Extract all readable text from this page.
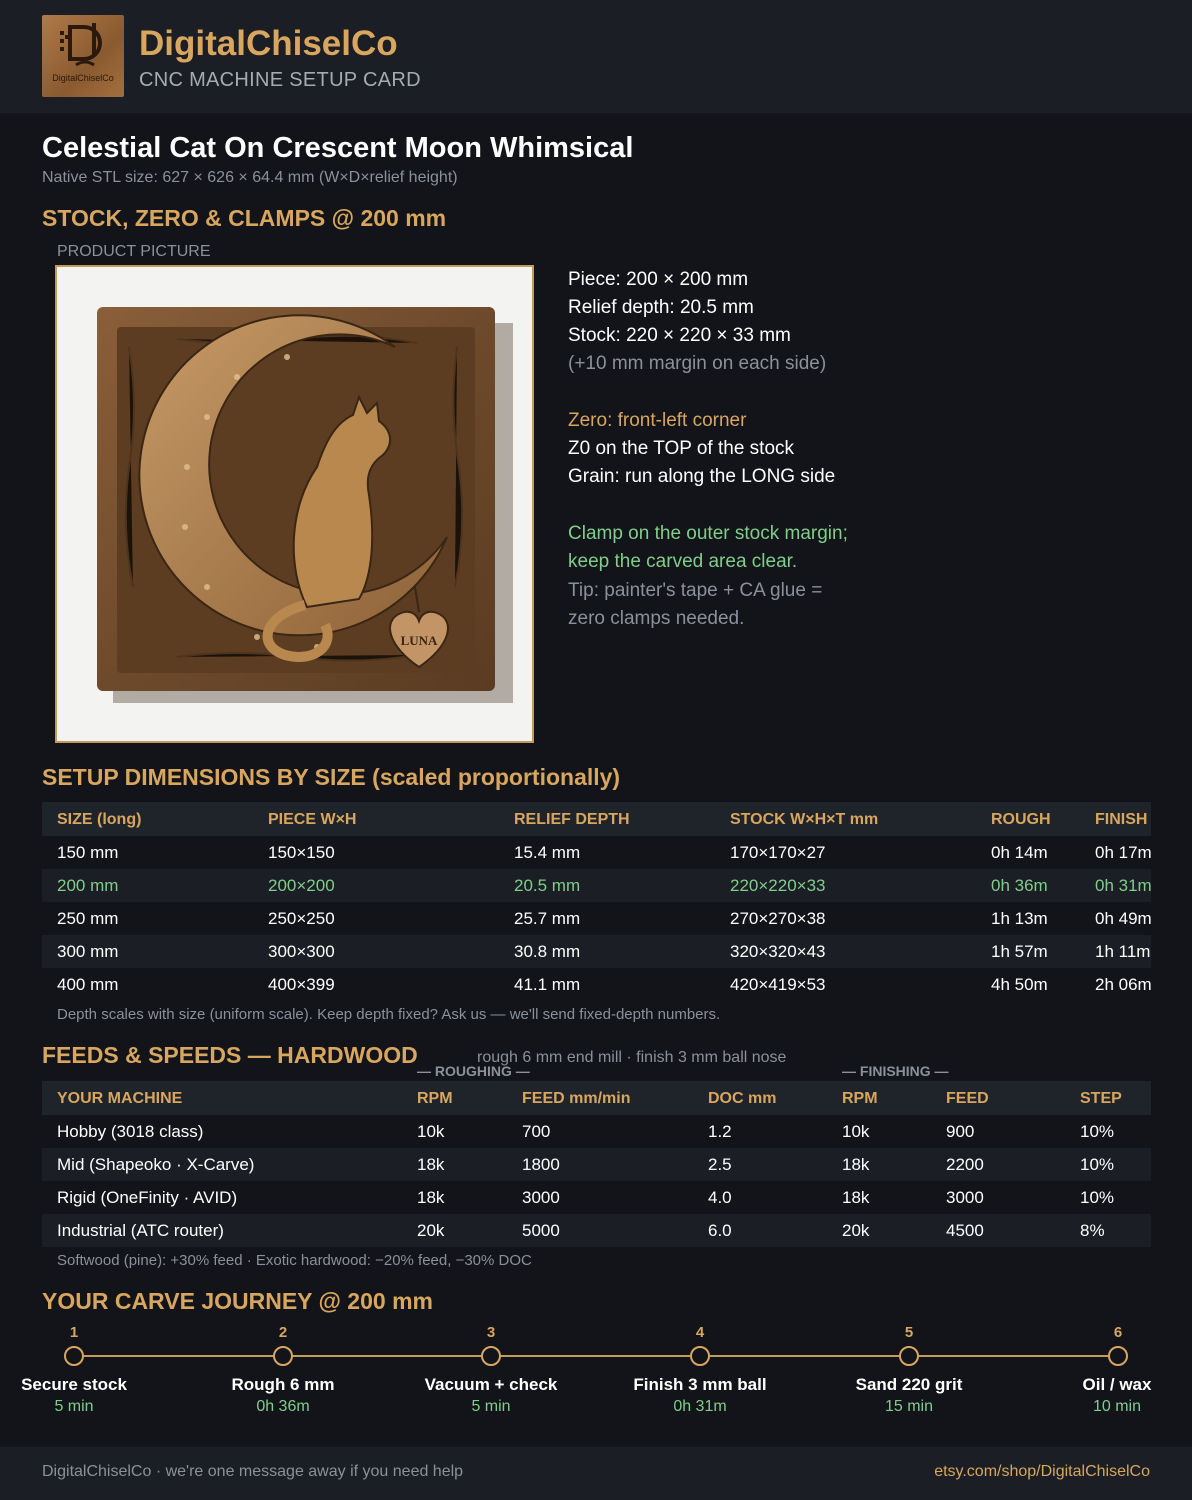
DigitalChiselCo
DigitalChiselCo
CNC MACHINE SETUP CARD
Celestial Cat On Crescent Moon Whimsical
Native STL size: 627 × 626 × 64.4 mm (W×D×relief height)
STOCK, ZERO & CLAMPS @ 200 mm
PRODUCT PICTURE
LUNA
Piece: 200 × 200 mm
Relief depth: 20.5 mm
Stock: 220 × 220 × 33 mm
(+10 mm margin on each side)
Zero: front-left corner
Z0 on the TOP of the stock
Grain: run along the LONG side
Clamp on the outer stock margin;
keep the carved area clear.
Tip: painter's tape + CA glue =
zero clamps needed.
SETUP DIMENSIONS BY SIZE (scaled proportionally)
SIZE (long)	PIECE W×H	RELIEF DEPTH	STOCK W×H×T mm	ROUGH	FINISH
150 mm	150×150	15.4 mm	170×170×27	0h 14m	0h 17m
200 mm	200×200	20.5 mm	220×220×33	0h 36m	0h 31m
250 mm	250×250	25.7 mm	270×270×38	1h 13m	0h 49m
300 mm	300×300	30.8 mm	320×320×43	1h 57m	1h 11m
400 mm	400×399	41.1 mm	420×419×53	4h 50m	2h 06m
Depth scales with size (uniform scale). Keep depth fixed? Ask us — we'll send fixed-depth numbers.
FEEDS & SPEEDS — HARDWOOD	rough 6 mm end mill · finish 3 mm ball nose
— ROUGHING —	— FINISHING —
YOUR MACHINE	RPM	FEED mm/min	DOC mm	RPM	FEED	STEP
Hobby (3018 class)	10k	700	1.2	10k	900	10%
Mid (Shapeoko · X-Carve)	18k	1800	2.5	18k	2200	10%
Rigid (OneFinity · AVID)	18k	3000	4.0	18k	3000	10%
Industrial (ATC router)	20k	5000	6.0	20k	4500	8%
Softwood (pine): +30% feed · Exotic hardwood: −20% feed, −30% DOC
YOUR CARVE JOURNEY @ 200 mm
1
Secure stock
5 min
2
Rough 6 mm
0h 36m
3
Vacuum + check
5 min
4
Finish 3 mm ball
0h 31m
5
Sand 220 grit
15 min
6
Oil / wax
10 min
DigitalChiselCo · we're one message away if you need help	etsy.com/shop/DigitalChiselCo
